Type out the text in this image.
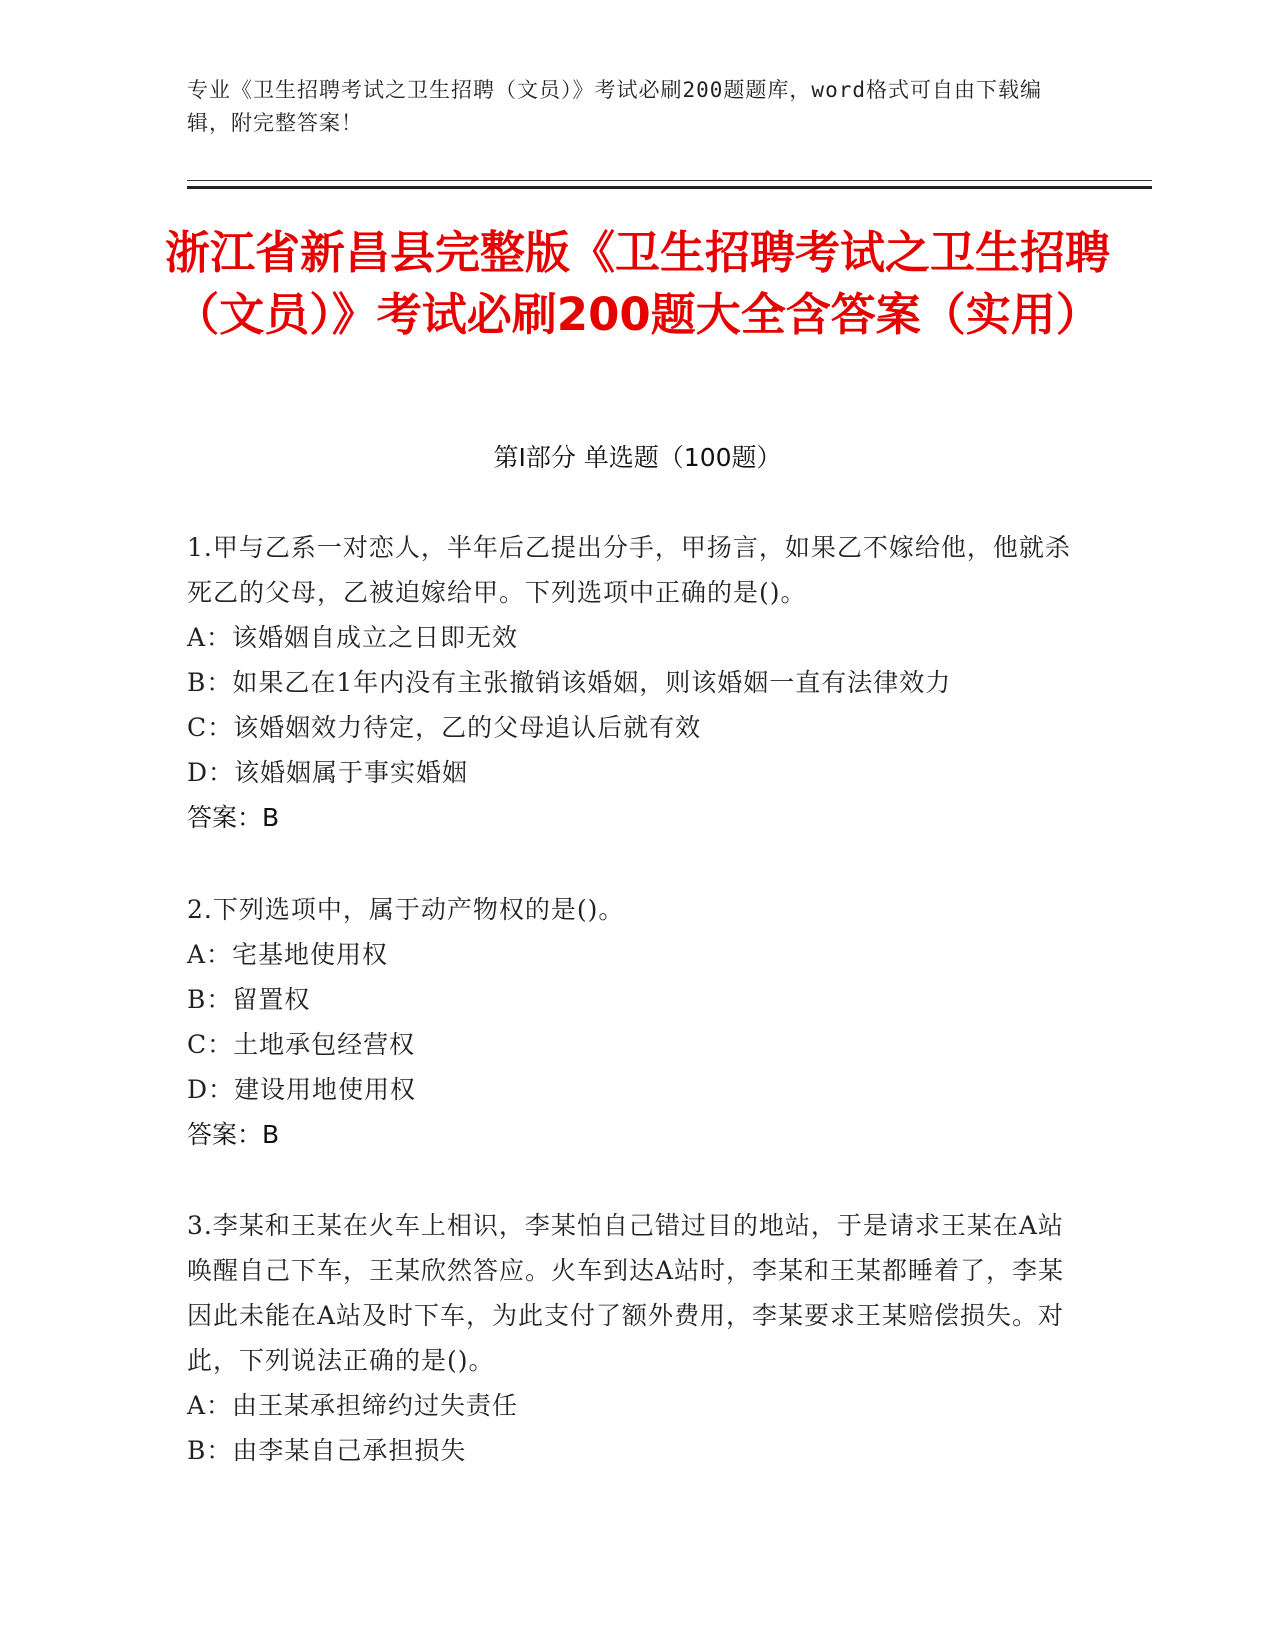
专业《卫生招聘考试之卫生招聘（文员）》考试必刷200题题库，word格式可自由下载编辑，附完整答案！
浙江省新昌县完整版《卫生招聘考试之卫生招聘（文员）》考试必刷200题大全含答案（实用）
第Ⅰ部分 单选题（100题）
1.甲与乙系一对恋人，半年后乙提出分手，甲扬言，如果乙不嫁给他，他就杀死乙的父母，乙被迫嫁给甲。下列选项中正确的是()。
A：该婚姻自成立之日即无效
B：如果乙在1年内没有主张撤销该婚姻，则该婚姻一直有法律效力
C：该婚姻效力待定，乙的父母追认后就有效
D：该婚姻属于事实婚姻
答案：B
2.下列选项中，属于动产物权的是()。
A：宅基地使用权
B：留置权
C：土地承包经营权
D：建设用地使用权
答案：B
3.李某和王某在火车上相识，李某怕自己错过目的地站，于是请求王某在A站唤醒自己下车，王某欣然答应。火车到达A站时，李某和王某都睡着了，李某因此未能在A站及时下车，为此支付了额外费用，李某要求王某赔偿损失。对此，下列说法正确的是()。
A：由王某承担缔约过失责任
B：由李某自己承担损失
